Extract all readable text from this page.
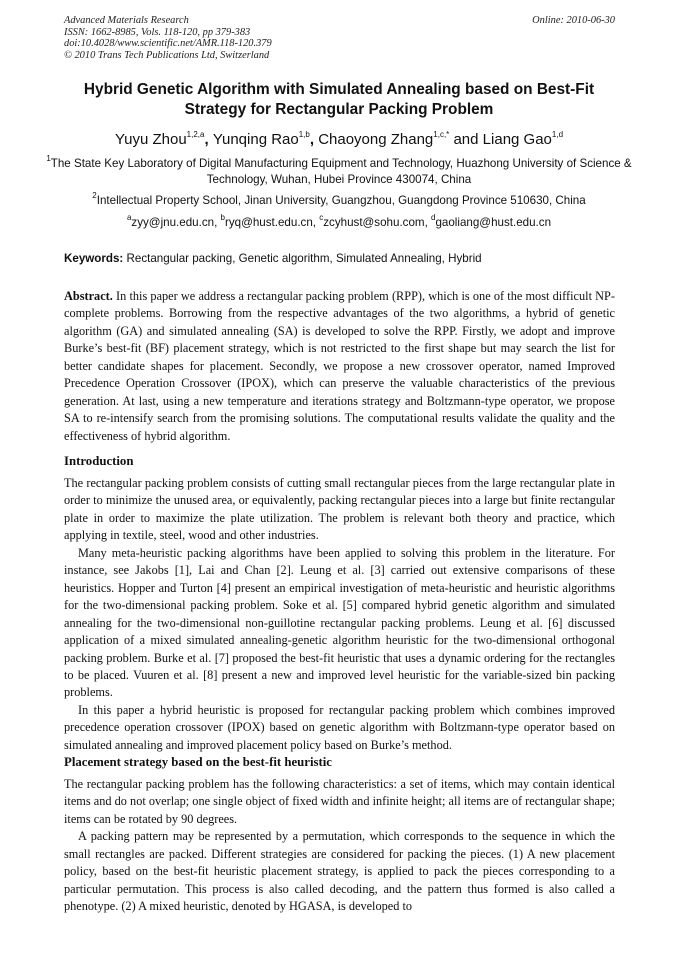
Advanced Materials Research
ISSN: 1662-8985, Vols. 118-120, pp 379-383
doi:10.4028/www.scientific.net/AMR.118-120.379
© 2010 Trans Tech Publications Ltd, Switzerland
Online: 2010-06-30
Hybrid Genetic Algorithm with Simulated Annealing based on Best-Fit
Strategy for Rectangular Packing Problem
Yuyu Zhou$^{1,2,a}$, Yunqing Rao$^{1,b}$, Chaoyong Zhang$^{1,c,*}$ and Liang Gao$^{1,d}$
$^1$The State Key Laboratory of Digital Manufacturing Equipment and Technology, Huazhong University of Science & Technology, Wuhan, Hubei Province 430074, China
$^2$Intellectual Property School, Jinan University, Guangzhou, Guangdong Province 510630, China
$^a$zyy@jnu.edu.cn, $^b$ryq@hust.edu.cn, $^c$zcyhust@sohu.com, $^d$gaoliang@hust.edu.cn
Keywords: Rectangular packing, Genetic algorithm, Simulated Annealing, Hybrid

Abstract. In this paper we address a rectangular packing problem (RPP), which is one of the most difficult NP-complete problems. Borrowing from the respective advantages of the two algorithms, a hybrid of genetic algorithm (GA) and simulated annealing (SA) is developed to solve the RPP. Firstly, we adopt and improve Burke’s best-fit (BF) placement strategy, which is not restricted to the first shape but may search the list for better candidate shapes for placement. Secondly, we propose a new crossover operator, named Improved Precedence Operation Crossover (IPOX), which can preserve the valuable characteristics of the previous generation. At last, using a new temperature and iterations strategy and Boltzmann-type operator, we propose SA to re-intensify search from the promising solutions. The computational results validate the quality and the effectiveness of hybrid algorithm.

Introduction

The rectangular packing problem consists of cutting small rectangular pieces from the large rectangular plate in order to minimize the unused area, or equivalently, packing rectangular pieces into a large but finite rectangular plate in order to maximize the plate utilization. The problem is relevant both theory and practice, which applying in textile, steel, wood and other industries.

Many meta-heuristic packing algorithms have been applied to solving this problem in the literature. For instance, see Jakobs [1], Lai and Chan [2]. Leung et al. [3] carried out extensive comparisons of these heuristics. Hopper and Turton [4] present an empirical investigation of meta-heuristic and heuristic algorithms for the two-dimensional packing problem. Soke et al. [5] compared hybrid genetic algorithm and simulated annealing for the two-dimensional non-guillotine rectangular packing problems. Leung et al. [6] discussed application of a mixed simulated annealing-genetic algorithm heuristic for the two-dimensional orthogonal packing problem. Burke et al. [7] proposed the best-fit heuristic that uses a dynamic ordering for the rectangles to be placed. Vuuren et al. [8] present a new and improved level heuristic for the variable-sized bin packing problems.

In this paper a hybrid heuristic is proposed for rectangular packing problem which combines improved precedence operation crossover (IPOX) based on genetic algorithm with Boltzmann-type operator based on simulated annealing and improved placement policy based on Burke’s method.

Placement strategy based on the best-fit heuristic

The rectangular packing problem has the following characteristics: a set of items, which may contain identical items and do not overlap; one single object of fixed width and infinite height; all items are of rectangular shape; items can be rotated by 90 degrees.

A packing pattern may be represented by a permutation, which corresponds to the sequence in which the small rectangles are packed. Different strategies are considered for packing the pieces. (1) A new placement policy, based on the best-fit heuristic placement strategy, is applied to pack the pieces corresponding to a particular permutation. This process is also called decoding, and the pattern thus formed is also called a phenotype. (2) A mixed heuristic, denoted by HGASA, is developed to
